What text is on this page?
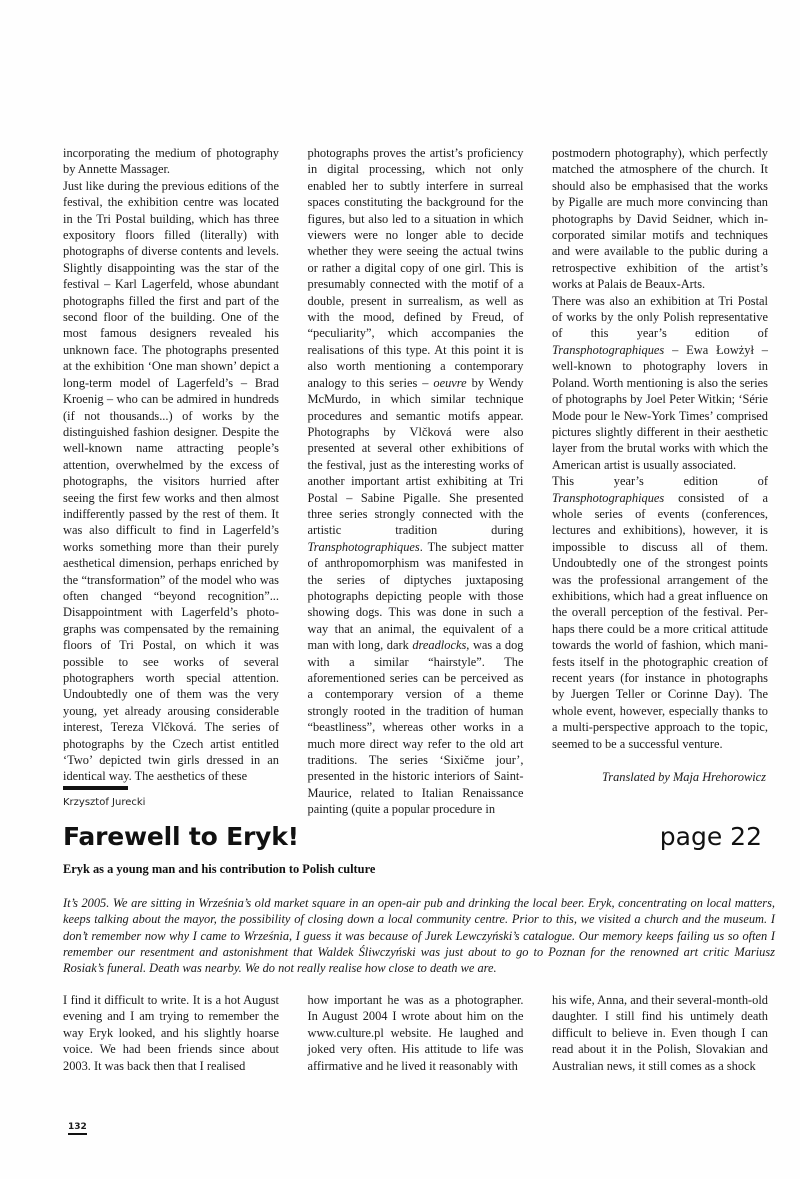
incorporating the medium of photography by Annette Massager.

Just like during the previous editions of the festival, the exhibition centre was located in the Tri Postal building, which has three expository floors filled (literally) with photographs of diverse contents and levels. Slightly disappointing was the star of the festival – Karl Lagerfeld, whose abundant photographs filled the first and part of the second floor of the building. One of the most famous designers revealed his unknown face. The photographs presented at the exhibition ‘One man shown’ depict a long-term model of Lagerfeld’s – Brad Kroenig – who can be admired in hundreds (if not thousands...) of works by the distinguished fashion designer. Despite the well-known name attracting people’s attention, overwhelmed by the excess of photographs, the visitors hurried after seeing the first few works and then almost indifferently passed by the rest of them. It was also difficult to find in Lagerfeld’s works something more than their purely aesthetical dimension, perhaps enriched by the “transformation” of the model who was often changed “beyond recognition”... Disappointment with Lagerfeld’s photographs was compensated by the remaining floors of Tri Postal, on which it was possible to see works of several photographers worth special attention. Undoubtedly one of them was the very young, yet already arousing considerable interest, Tereza Vlčková. The series of photographs by the Czech artist entitled ‘Two’ depicted twin girls dressed in an identical way. The aesthetics of these

photographs proves the artist’s proficiency in digital processing, which not only enabled her to subtly interfere in surreal spaces constituting the background for the figures, but also led to a situation in which viewers were no longer able to decide whether they were seeing the actual twins or rather a digital copy of one girl. This is presumably connected with the motif of a double, present in surrealism, as well as with the mood, defined by Freud, of “peculiarity”, which accompanies the realisations of this type. At this point it is also worth mentioning a contemporary analogy to this series – oeuvre by Wendy McMurdo, in which similar technique procedures and semantic motifs appear. Photographs by Vlčková were also presented at several other exhibitions of the festival, just as the interesting works of another important artist exhibiting at Tri Postal – Sabine Pigalle. She presented three series strongly connected with the artistic tradition during Transphotographiques. The subject matter of anthropomorphism was manifested in the series of diptyches juxtaposing photographs depicting people with those showing dogs. This was done in such a way that an animal, the equivalent of a man with long, dark dreadlocks, was a dog with a similar “hairstyle”. The aforementioned series can be perceived as a contemporary version of a theme strongly rooted in the tradition of human “beastliness”, whereas other works in a much more direct way refer to the old art traditions. The series ‘Sixičme jour’, presented in the historic interiors of Saint-Maurice, related to Italian Renaissance painting (quite a popular procedure in

postmodern photography), which perfectly matched the atmosphere of the church. It should also be emphasised that the works by Pigalle are much more convincing than photographs by David Seidner, which incorporated similar motifs and techniques and were available to the public during a retrospective exhibition of the artist’s works at Palais de Beaux-Arts.

There was also an exhibition at Tri Postal of works by the only Polish representative of this year’s edition of Transphotographiques – Ewa Łowżył – well-known to photography lovers in Poland. Worth mentioning is also the series of photographs by Joel Peter Witkin; ‘Série Mode pour le New-York Times’ comprised pictures slightly different in their aesthetic layer from the brutal works with which the American artist is usually associated.

This year’s edition of Transphotographiques consisted of a whole series of events (conferences, lectures and exhibitions), however, it is impossible to discuss all of them. Undoubtedly one of the strongest points was the professional arrangement of the exhibitions, which had a great influence on the overall perception of the festival. Perhaps there could be a more critical attitude towards the world of fashion, which manifests itself in the photographic creation of recent years (for instance in photographs by Juergen Teller or Corinne Day). The whole event, however, especially thanks to a multi-perspective approach to the topic, seemed to be a successful venture.

Translated by Maja Hrehorowicz

Krzysztof Jurecki
Farewell to Eryk!	page 22
Eryk as a young man and his contribution to Polish culture

It’s 2005. We are sitting in Września’s old market square in an open-air pub and drinking the local beer. Eryk, concentrating on local matters, keeps talking about the mayor, the possibility of closing down a local community centre. Prior to this, we visited a church and the museum. I don’t remember now why I came to Września, I guess it was because of Jurek Lewczyński’s catalogue. Our memory keeps failing us so often I remember our resentment and astonishment that Waldek Śliwczyński was just about to go to Poznan for the renowned art critic Mariusz Rosiak’s funeral. Death was nearby. We do not really realise how close to death we are.

I find it difficult to write. It is a hot August evening and I am trying to remember the way Eryk looked, and his slightly hoarse voice. We had been friends since about 2003. It was back then that I realised

how important he was as a photographer. In August 2004 I wrote about him on the www.culture.pl website. He laughed and joked very often. His attitude to life was affirmative and he lived it reasonably with

his wife, Anna, and their several-month-old daughter. I still find his untimely death difficult to believe in. Even though I can read about it in the Polish, Slovakian and Australian news, it still comes as a shock

132
